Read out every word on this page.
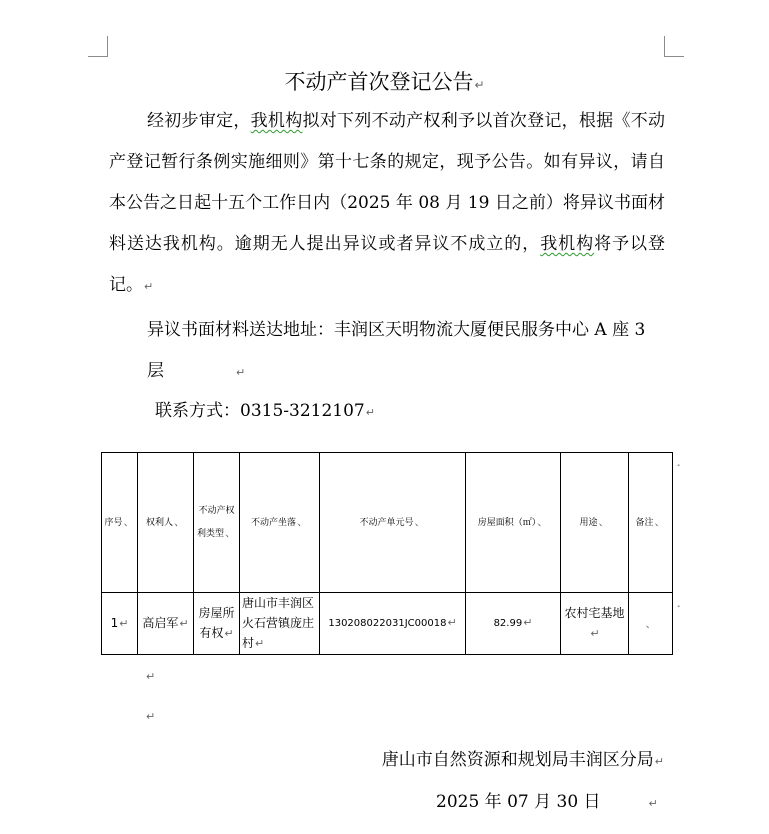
不动产首次登记公告↵
经初步审定，我机构拟对下列不动产权利予以首次登记，根据《不动产登记暂行条例实施细则》第十七条的规定，现予公告。如有异议，请自本公告之日起十五个工作日内（2025 年 08 月 19 日之前）将异议书面材料送达我机构。逾期无人提出异议或者异议不成立的，我机构将予以登记。↵
异议书面材料送达地址：丰润区天明物流大厦便民服务中心 A 座 3 层	↵
联系方式：0315-3212107↵
序号、	权利人、	不动产权利类型、	不动产坐落、	不动产单元号、	房屋面积（㎡）、	用途、	备注、
1↵	高启军↵	房屋所有权↵	唐山市丰润区火石营镇庞庄村↵	130208022031JC00018↵	82.99↵	农村宅基地↵	、
¸
¸
↵
↵
唐山市自然资源和规划局丰润区分局↵
2025 年 07 月 30 日	↵
